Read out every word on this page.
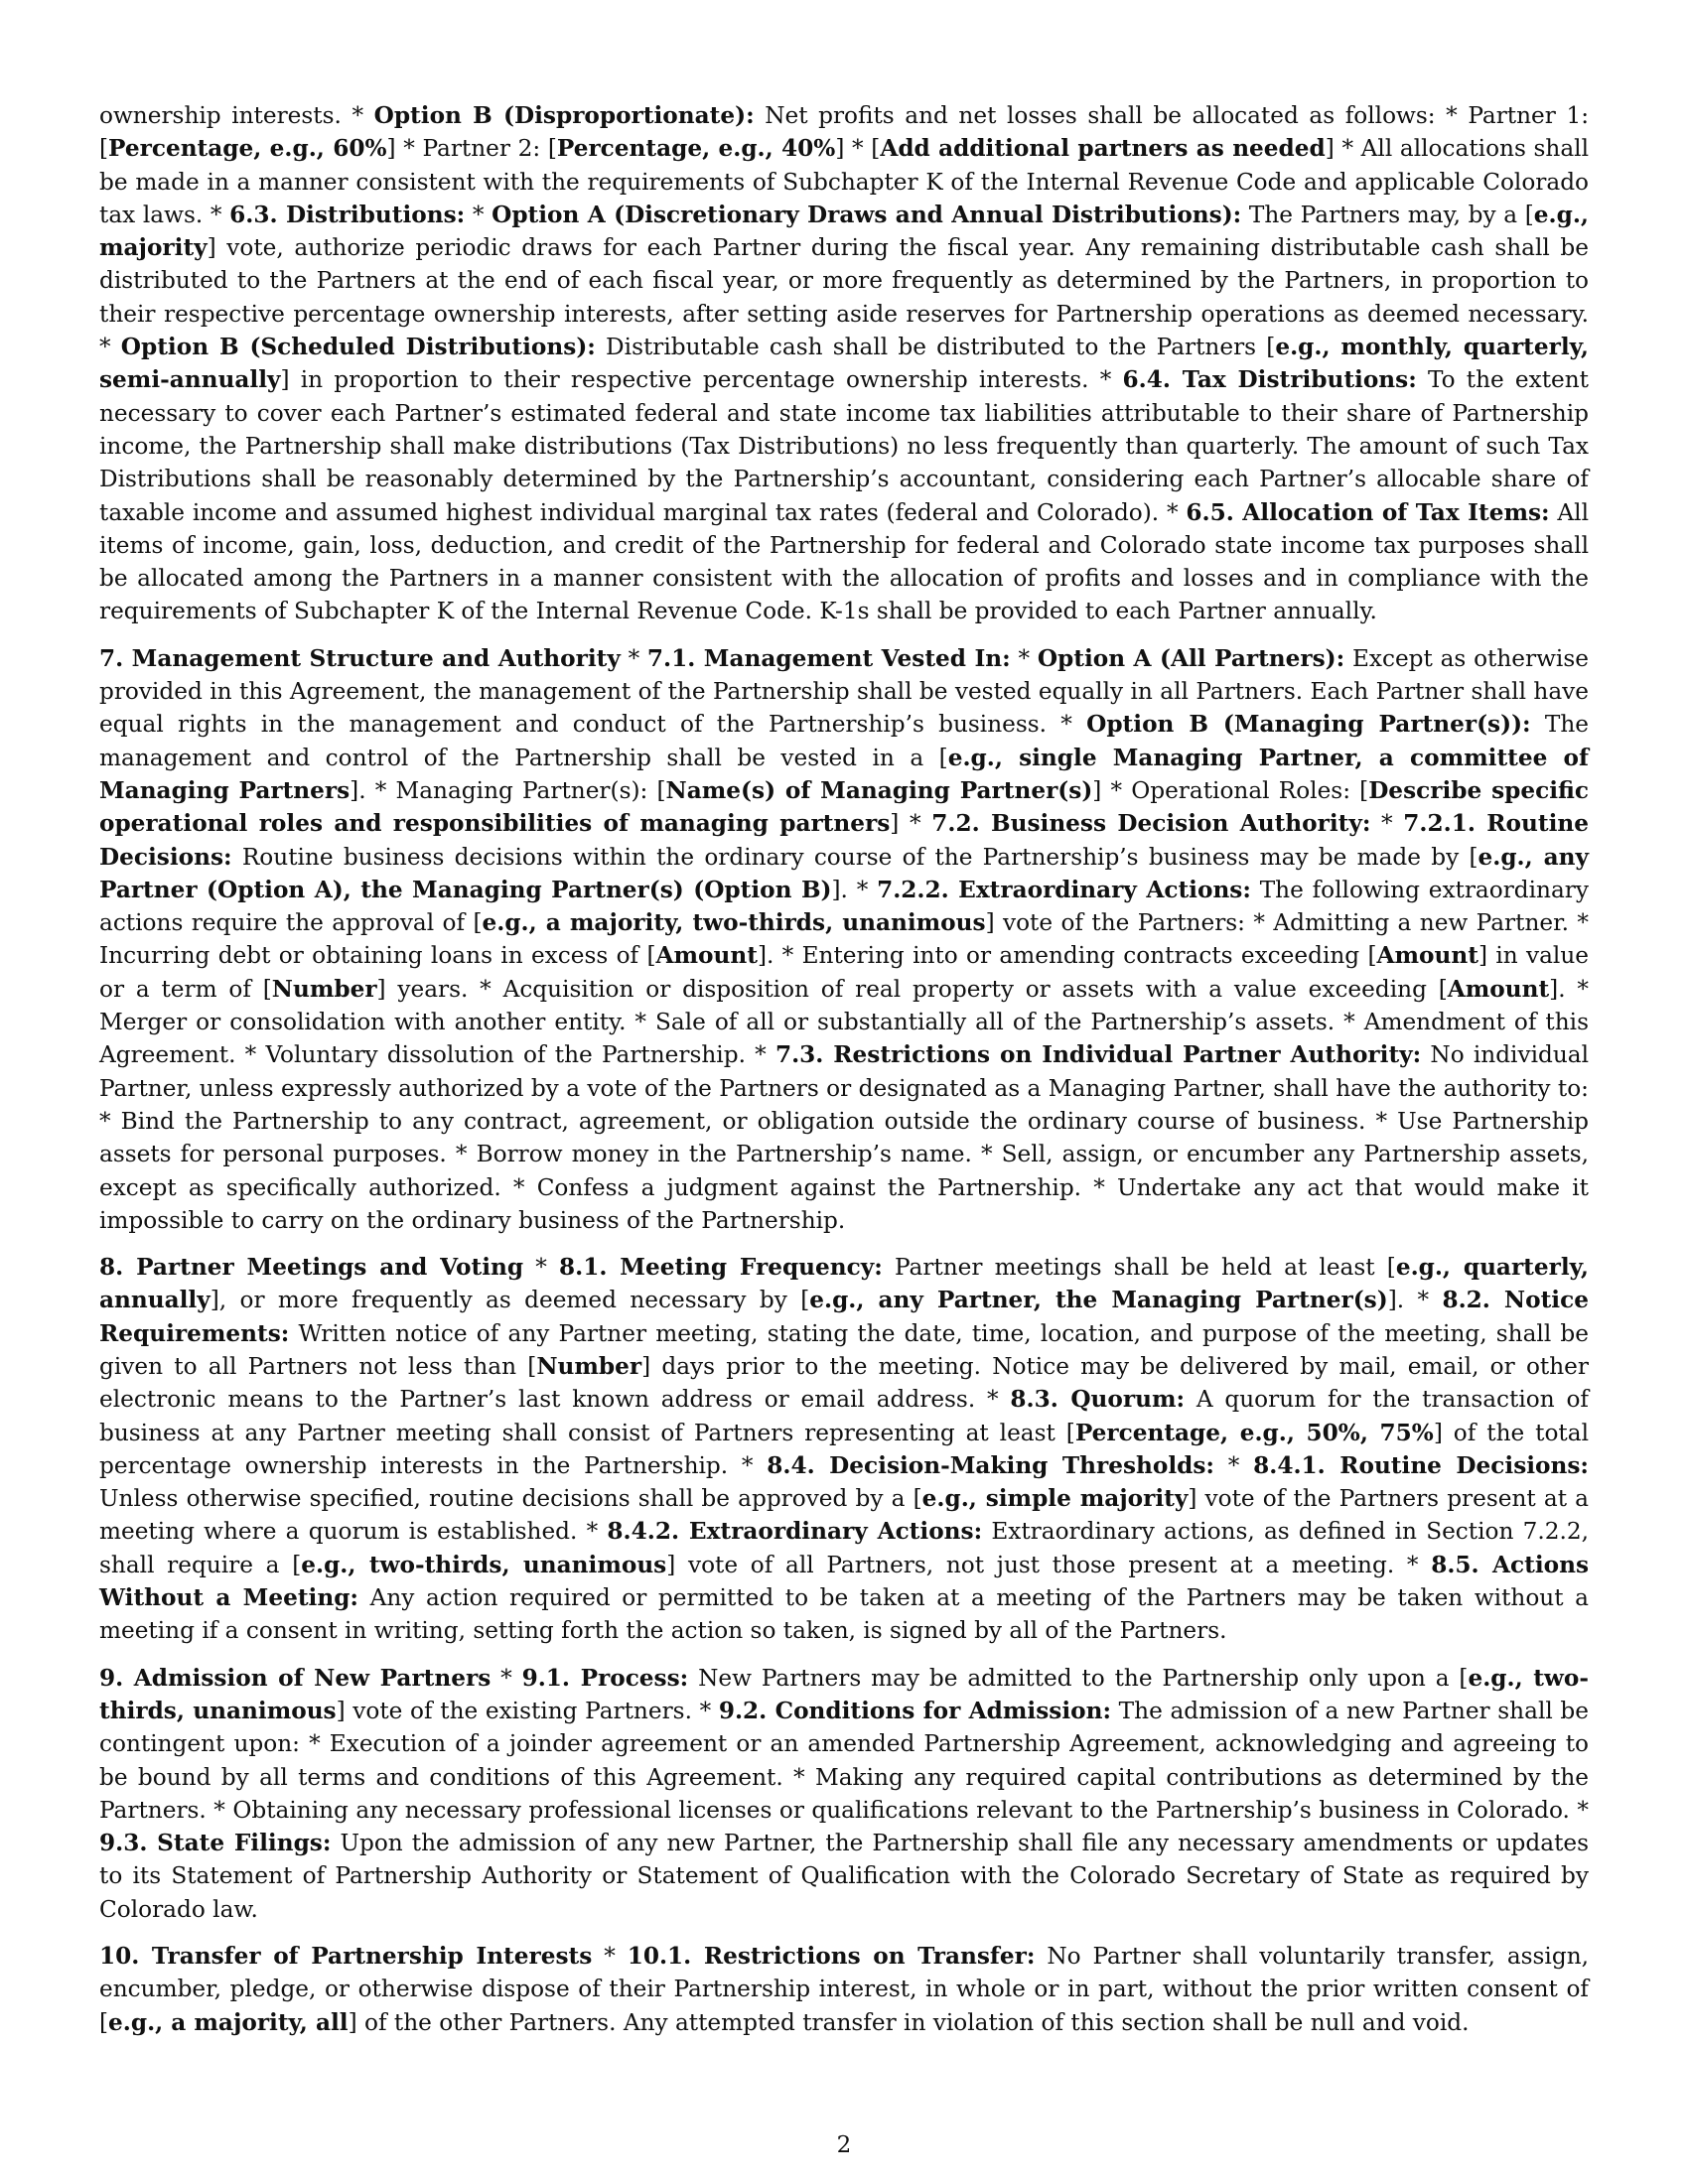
ownership interests. * Option B (Disproportionate): Net profits and net losses shall be allocated as follows: * Partner 1: [Percentage, e.g., 60%] * Partner 2: [Percentage, e.g., 40%] * [Add additional partners as needed] * All allocations shall be made in a manner consistent with the requirements of Subchapter K of the Internal Revenue Code and applicable Colorado tax laws. * 6.3. Distributions: * Option A (Discretionary Draws and Annual Distributions): The Partners may, by a [e.g., majority] vote, authorize periodic draws for each Partner during the fiscal year. Any remaining distributable cash shall be distributed to the Partners at the end of each fiscal year, or more frequently as determined by the Partners, in proportion to their respective percentage ownership interests, after setting aside reserves for Partnership operations as deemed necessary. * Option B (Scheduled Distributions): Distributable cash shall be distributed to the Partners [e.g., monthly, quarterly, semi-annually] in proportion to their respective percentage ownership interests. * 6.4. Tax Distributions: To the extent necessary to cover each Partner’s estimated federal and state income tax liabilities attributable to their share of Partnership income, the Partnership shall make distributions (Tax Distributions) no less frequently than quarterly. The amount of such Tax Distributions shall be reasonably determined by the Partnership’s accountant, considering each Partner’s allocable share of taxable income and assumed highest individual marginal tax rates (federal and Colorado). * 6.5. Allocation of Tax Items: All items of income, gain, loss, deduction, and credit of the Partnership for federal and Colorado state income tax purposes shall be allocated among the Partners in a manner consistent with the allocation of profits and losses and in compliance with the requirements of Subchapter K of the Internal Revenue Code. K-1s shall be provided to each Partner annually.

7. Management Structure and Authority * 7.1. Management Vested In: * Option A (All Partners): Except as otherwise provided in this Agreement, the management of the Partnership shall be vested equally in all Partners. Each Partner shall have equal rights in the management and conduct of the Partnership’s business. * Option B (Managing Partner(s)): The management and control of the Partnership shall be vested in a [e.g., single Managing Partner, a committee of Managing Partners]. * Managing Partner(s): [Name(s) of Managing Partner(s)] * Operational Roles: [Describe specific operational roles and responsibilities of managing partners] * 7.2. Business Decision Authority: * 7.2.1. Routine Decisions: Routine business decisions within the ordinary course of the Partnership’s business may be made by [e.g., any Partner (Option A), the Managing Partner(s) (Option B)]. * 7.2.2. Extraordinary Actions: The following extraordinary actions require the approval of [e.g., a majority, two-thirds, unanimous] vote of the Partners: * Admitting a new Partner. * Incurring debt or obtaining loans in excess of [Amount]. * Entering into or amending contracts exceeding [Amount] in value or a term of [Number] years. * Acquisition or disposition of real property or assets with a value exceeding [Amount]. * Merger or consolidation with another entity. * Sale of all or substantially all of the Partnership’s assets. * Amendment of this Agreement. * Voluntary dissolution of the Partnership. * 7.3. Restrictions on Individual Partner Authority: No individual Partner, unless expressly authorized by a vote of the Partners or designated as a Managing Partner, shall have the authority to: * Bind the Partnership to any contract, agreement, or obligation outside the ordinary course of business. * Use Partnership assets for personal purposes. * Borrow money in the Partnership’s name. * Sell, assign, or encumber any Partnership assets, except as specifically authorized. * Confess a judgment against the Partnership. * Undertake any act that would make it impossible to carry on the ordinary business of the Partnership.

8. Partner Meetings and Voting * 8.1. Meeting Frequency: Partner meetings shall be held at least [e.g., quarterly, annually], or more frequently as deemed necessary by [e.g., any Partner, the Managing Partner(s)]. * 8.2. Notice Requirements: Written notice of any Partner meeting, stating the date, time, location, and purpose of the meeting, shall be given to all Partners not less than [Number] days prior to the meeting. Notice may be delivered by mail, email, or other electronic means to the Partner’s last known address or email address. * 8.3. Quorum: A quorum for the transaction of business at any Partner meeting shall consist of Partners representing at least [Percentage, e.g., 50%, 75%] of the total percentage ownership interests in the Partnership. * 8.4. Decision-Making Thresholds: * 8.4.1. Routine Decisions: Unless otherwise specified, routine decisions shall be approved by a [e.g., simple majority] vote of the Partners present at a meeting where a quorum is established. * 8.4.2. Extraordinary Actions: Extraordinary actions, as defined in Section 7.2.2, shall require a [e.g., two-thirds, unanimous] vote of all Partners, not just those present at a meeting. * 8.5. Actions Without a Meeting: Any action required or permitted to be taken at a meeting of the Partners may be taken without a meeting if a consent in writing, setting forth the action so taken, is signed by all of the Partners.

9. Admission of New Partners * 9.1. Process: New Partners may be admitted to the Partnership only upon a [e.g., two-thirds, unanimous] vote of the existing Partners. * 9.2. Conditions for Admission: The admission of a new Partner shall be contingent upon: * Execution of a joinder agreement or an amended Partnership Agreement, acknowledging and agreeing to be bound by all terms and conditions of this Agreement. * Making any required capital contributions as determined by the Partners. * Obtaining any necessary professional licenses or qualifications relevant to the Partnership’s business in Colorado. * 9.3. State Filings: Upon the admission of any new Partner, the Partnership shall file any necessary amendments or updates to its Statement of Partnership Authority or Statement of Qualification with the Colorado Secretary of State as required by Colorado law.

10. Transfer of Partnership Interests * 10.1. Restrictions on Transfer: No Partner shall voluntarily transfer, assign, encumber, pledge, or otherwise dispose of their Partnership interest, in whole or in part, without the prior written consent of [e.g., a majority, all] of the other Partners. Any attempted transfer in violation of this section shall be null and void.

2
